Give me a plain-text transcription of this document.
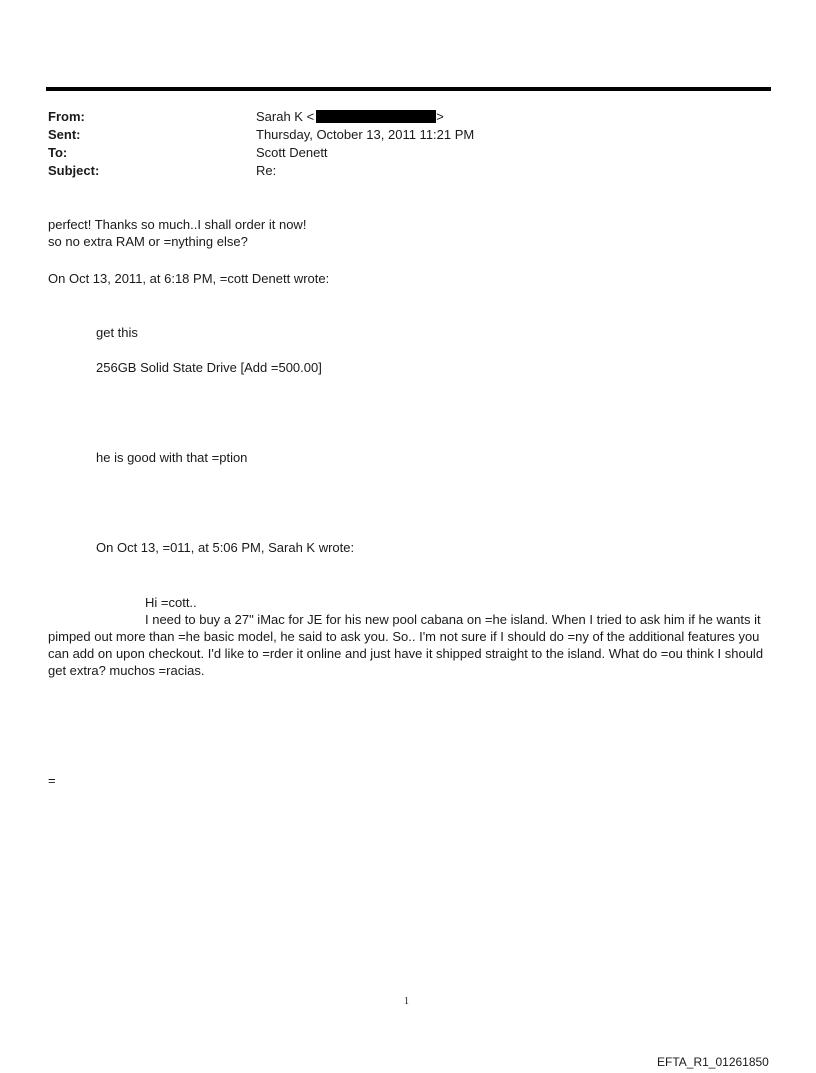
From:	Sarah K <	>
Sent:	Thursday, October 13, 2011 11:21 PM
To:	Scott Denett
Subject:	Re:
perfect! Thanks so much..I shall order it now!
so no extra RAM or =nything else?
On Oct 13, 2011, at 6:18 PM, =cott Denett wrote:
get this
256GB Solid State Drive [Add =500.00]
he is good with that =ption
On Oct 13, =011, at 5:06 PM, Sarah K wrote:
Hi =cott..
I need to buy a 27" iMac for JE for his new pool cabana on =he island. When I tried to ask him if he wants it pimped out more than =he basic model, he said to ask you. So.. I'm not sure if I should do =ny of the additional features you can add on upon checkout. I'd like to =rder it online and just have it shipped straight to the island. What do =ou think I should get extra? muchos =racias.
=
1
EFTA_R1_01261850
